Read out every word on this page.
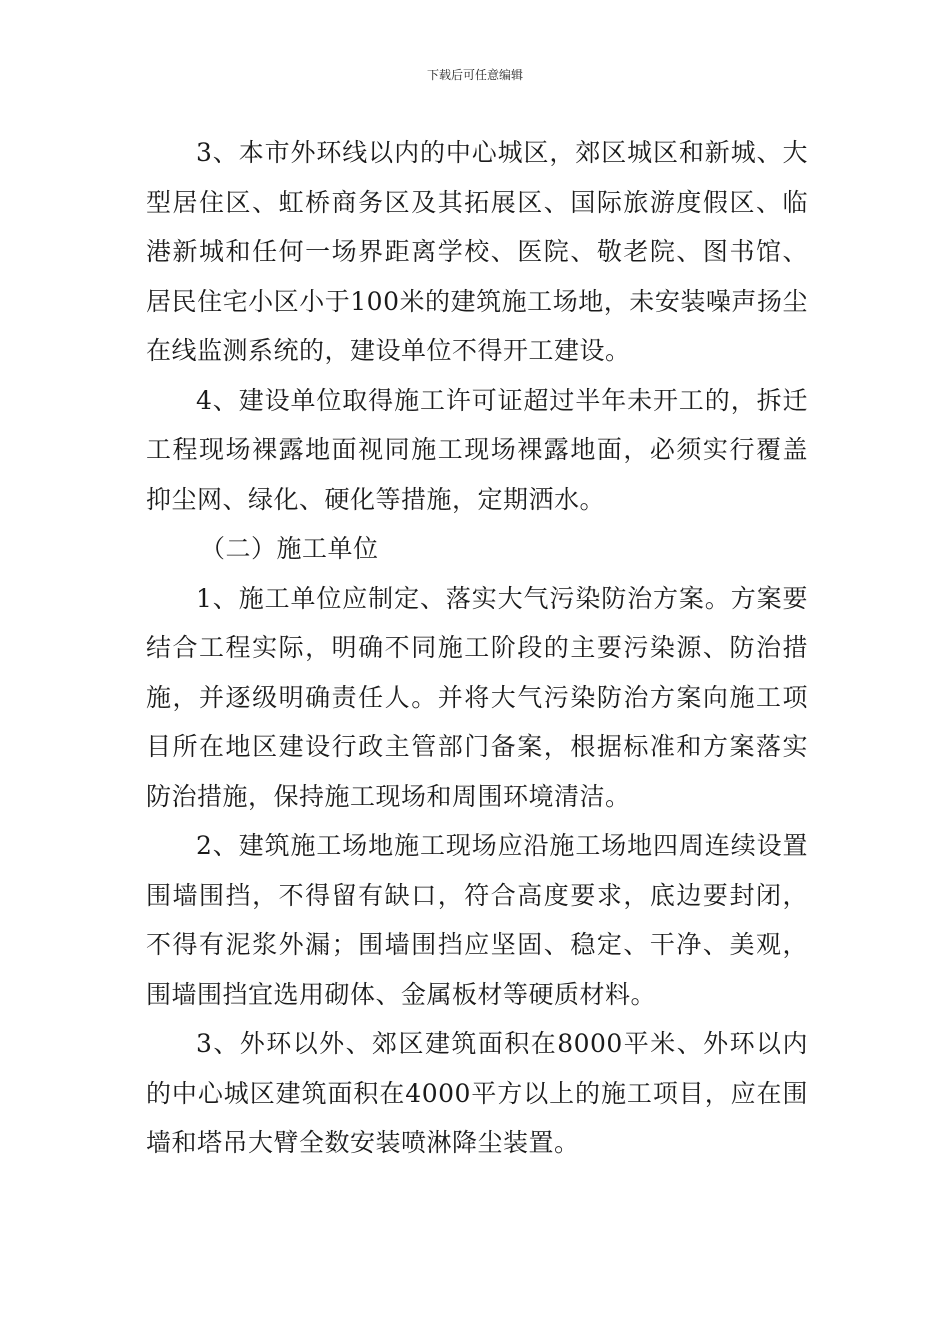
下载后可任意编辑

3、本市外环线以内的中心城区，郊区城区和新城、大型居住区、虹桥商务区及其拓展区、国际旅游度假区、临港新城和任何一场界距离学校、医院、敬老院、图书馆、居民住宅小区小于100米的建筑施工场地，未安装噪声扬尘在线监测系统的，建设单位不得开工建设。

4、建设单位取得施工许可证超过半年未开工的，拆迁工程现场裸露地面视同施工现场裸露地面，必须实行覆盖抑尘网、绿化、硬化等措施，定期洒水。

（二）施工单位

1、施工单位应制定、落实大气污染防治方案。方案要结合工程实际，明确不同施工阶段的主要污染源、防治措施，并逐级明确责任人。并将大气污染防治方案向施工项目所在地区建设行政主管部门备案，根据标准和方案落实防治措施，保持施工现场和周围环境清洁。

2、建筑施工场地施工现场应沿施工场地四周连续设置围墙围挡，不得留有缺口，符合高度要求，底边要封闭，不得有泥浆外漏；围墙围挡应坚固、稳定、干净、美观，围墙围挡宜选用砌体、金属板材等硬质材料。

3、外环以外、郊区建筑面积在8000平米、外环以内的中心城区建筑面积在4000平方以上的施工项目，应在围墙和塔吊大臂全数安装喷淋降尘装置。
